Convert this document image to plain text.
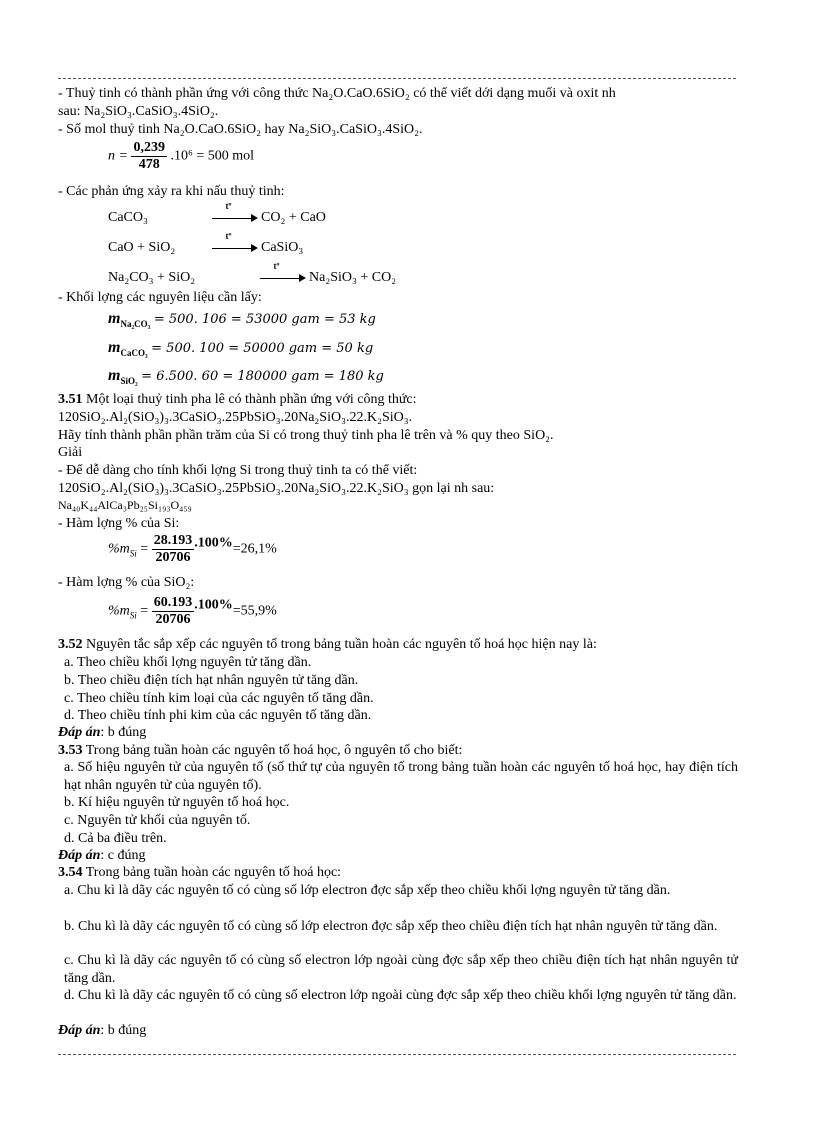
- Thuỷ tinh có thành phần ứng với công thức Na₂O.CaO.6SiO₂ có thể viết dới dạng muối và oxit nh
sau: Na₂SiO₃.CaSiO₃.4SiO₂.
- Số mol thuỷ tinh Na₂O.CaO.6SiO₂ hay Na₂SiO₃.CaSiO₃.4SiO₂.
$n = \frac{0,239}{478} .10^6 = 500$ mol
- Các phản ứng xảy ra khi nấu thuỷ tinh:
CaCO₃
tº
CO₂ + CaO
CaO + SiO₂
tº
CaSiO₃
Na₂CO₃ + SiO₂
tº
Na₂SiO₃ + CO₂
- Khối lợng các nguyên liệu cần lấy:
$m_{Na_2CO_3} = 500$. 106 = 53000 gam = 53 kg
$m_{CaCO_3} = 500$. 100 = 50000 gam = 50 kg
$m_{SiO_2} = 6.500$. 60 = 180000 gam = 180 kg
3.51 Một loại thuỷ tinh pha lê có thành phần ứng với công thức:
120SiO₂.Al₂(SiO₃)₃.3CaSiO₃.25PbSiO₃.20Na₂SiO₃.22.K₂SiO₃.
Hãy tính thành phần phần trăm của Si có trong thuỷ tinh pha lê trên và % quy theo SiO₂.
Giải
- Để dễ dàng cho tính khối lợng Si trong thuỷ tinh ta có thể viết:
120SiO₂.Al₂(SiO₃)₃.3CaSiO₃.25PbSiO₃.20Na₂SiO₃.22.K₂SiO₃ gọn lại nh sau:
Na₄₀K₄₄AlCa₃Pb₂₅Si₁₉₃O₄₅₉
- Hàm lợng % của Si:
$\%m_{Si} = \frac{28.193}{20706} .100\%=26,1\%$
- Hàm lợng % của SiO₂:
$\%m_{Si} = \frac{60.193}{20706} .100\%=55,9\%$
3.52 Nguyên tắc sắp xếp các nguyên tố trong bảng tuần hoàn các nguyên tố hoá học hiện nay là:
a. Theo chiều khối lợng nguyên tử tăng dần.
b. Theo chiều điện tích hạt nhân nguyên tử tăng dần.
c. Theo chiều tính kim loại của các nguyên tố tăng dần.
d. Theo chiều tính phi kim của các nguyên tố tăng dần.
Đáp án: b đúng
3.53 Trong bảng tuần hoàn các nguyên tố hoá học, ô nguyên tố cho biết:
a. Số hiệu nguyên tử của nguyên tố (số thứ tự của nguyên tố trong bảng tuần hoàn các nguyên tố hoá học, hay điện tích hạt nhân nguyên tử của nguyên tố).
b. Kí hiệu nguyên tử nguyên tố hoá học.
c. Nguyên tử khối của nguyên tố.
d. Cả ba điều trên.
Đáp án: c đúng
3.54 Trong bảng tuần hoàn các nguyên tố hoá học:
a. Chu kì là dãy các nguyên tố có cùng số lớp electron đợc sắp xếp theo chiều khối lợng nguyên tử tăng dần.
b. Chu kì là dãy các nguyên tố có cùng số lớp electron đợc sắp xếp theo chiều điện tích hạt nhân nguyên tử tăng dần.
c. Chu kì là dãy các nguyên tố có cùng số electron lớp ngoài cùng đợc sắp xếp theo chiều điện tích hạt nhân nguyên tử tăng dần.
d. Chu kì là dãy các nguyên tố có cùng số electron lớp ngoài cùng đợc sắp xếp theo chiều khối lợng nguyên tử tăng dần.
Đáp án: b đúng
